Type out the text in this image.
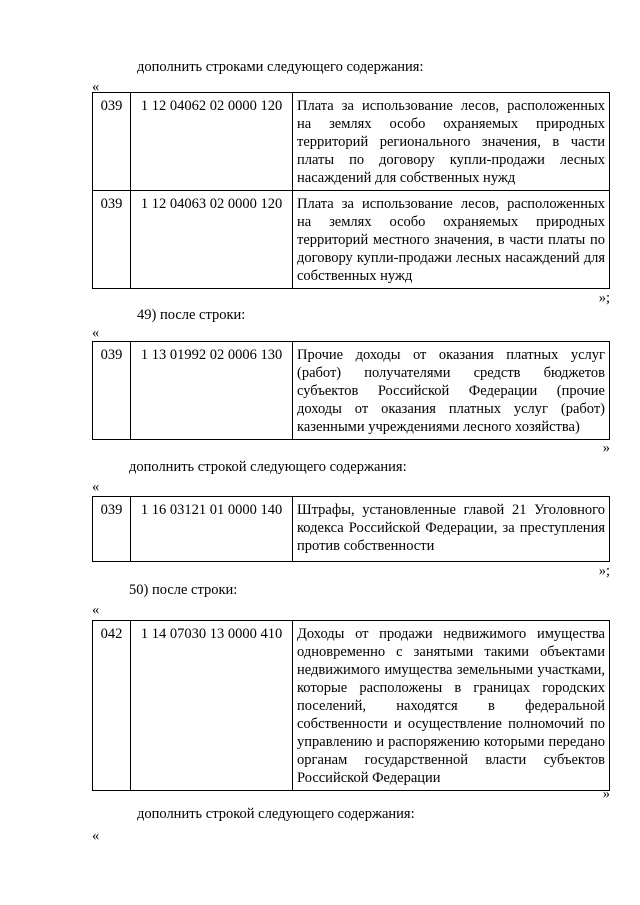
дополнить строками следующего содержания:
«
039	1 12 04062 02 0000 120	Плата за использование лесов, расположенных на землях особо охраняемых природных территорий регионального значения, в части платы по договору купли-продажи лесных насаждений для собственных нужд
039	1 12 04063 02 0000 120	Плата за использование лесов, расположенных на землях особо охраняемых природных территорий местного значения, в части платы по договору купли-продажи лесных насаждений для собственных нужд
»;
49) после строки:
«
039	1 13 01992 02 0006 130	Прочие доходы от оказания платных услуг (работ) получателями средств бюджетов субъектов Российской Федерации (прочие доходы от оказания платных услуг (работ) казенными учреждениями лесного хозяйства)
»
дополнить строкой следующего содержания:
«
039	1 16 03121 01 0000 140	Штрафы, установленные главой 21 Уголовного кодекса Российской Федерации, за преступления против собственности
»;
50) после строки:
«
042	1 14 07030 13 0000 410	Доходы от продажи недвижимого имущества одновременно с занятыми такими объектами недвижимого имущества земельными участками, которые расположены в границах городских поселений, находятся в федеральной собственности и осуществление полномочий по управлению и распоряжению которыми передано органам государственной власти субъектов Российской Федерации
»
дополнить строкой следующего содержания:
«
